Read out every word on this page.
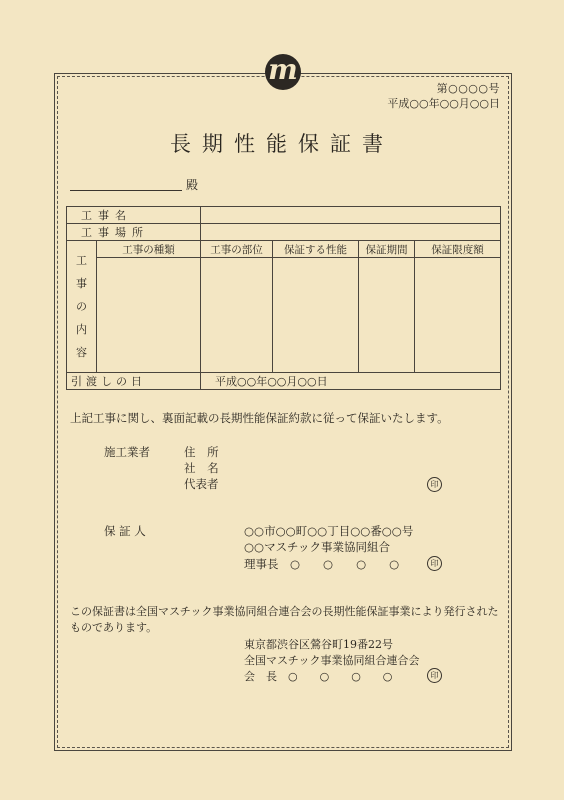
m
第○○○○号
平成○○年○○月○○日
長期性能保証書
殿
工事名					
工事場所					
工
事
の
内
容	工事の種類	工事の部位	保証する性能	保証期間	保証限度額

引渡しの日		平成○○年○○月○○日			
上記工事に関し、裏面記載の長期性能保証約款に従って保証いたします。
施工業者	住 所
社 名
代表者	印
保 証 人	○○市○○町○○丁目○○番○○号
○○マスチック事業協同組合
理事長　○　　○　　○　　○	印
この保証書は全国マスチック事業協同組合連合会の長期性能保証事業により発行されたものであります。
東京都渋谷区鶯谷町19番22号
全国マスチック事業協同組合連合会
会　長　○　　○　　○　　○	印
